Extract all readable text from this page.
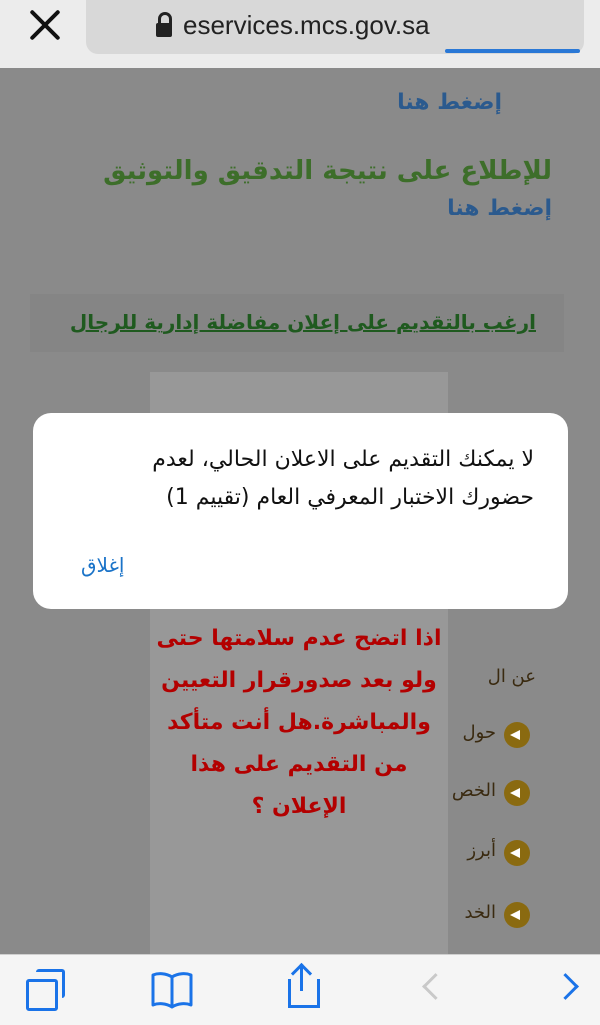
eservices.mcs.gov.sa
إضغط هنا
للإطلاع على نتيجة التدقيق والتوثيق
إضغط هنا
ارغب بالتقديم على إعلان مفاضلة إدارية للرجال
عن ال
حول
الخص
أبرز
الخد
اذا اتضح عدم سلامتها حتى ولو بعد صدورقرار التعيين والمباشرة.هل أنت متأكد من التقديم على هذا الإعلان ؟
لا يمكنك التقديم على الاعلان الحالي، لعدم حضورك الاختبار المعرفي العام (تقييم 1)
إغلاق
